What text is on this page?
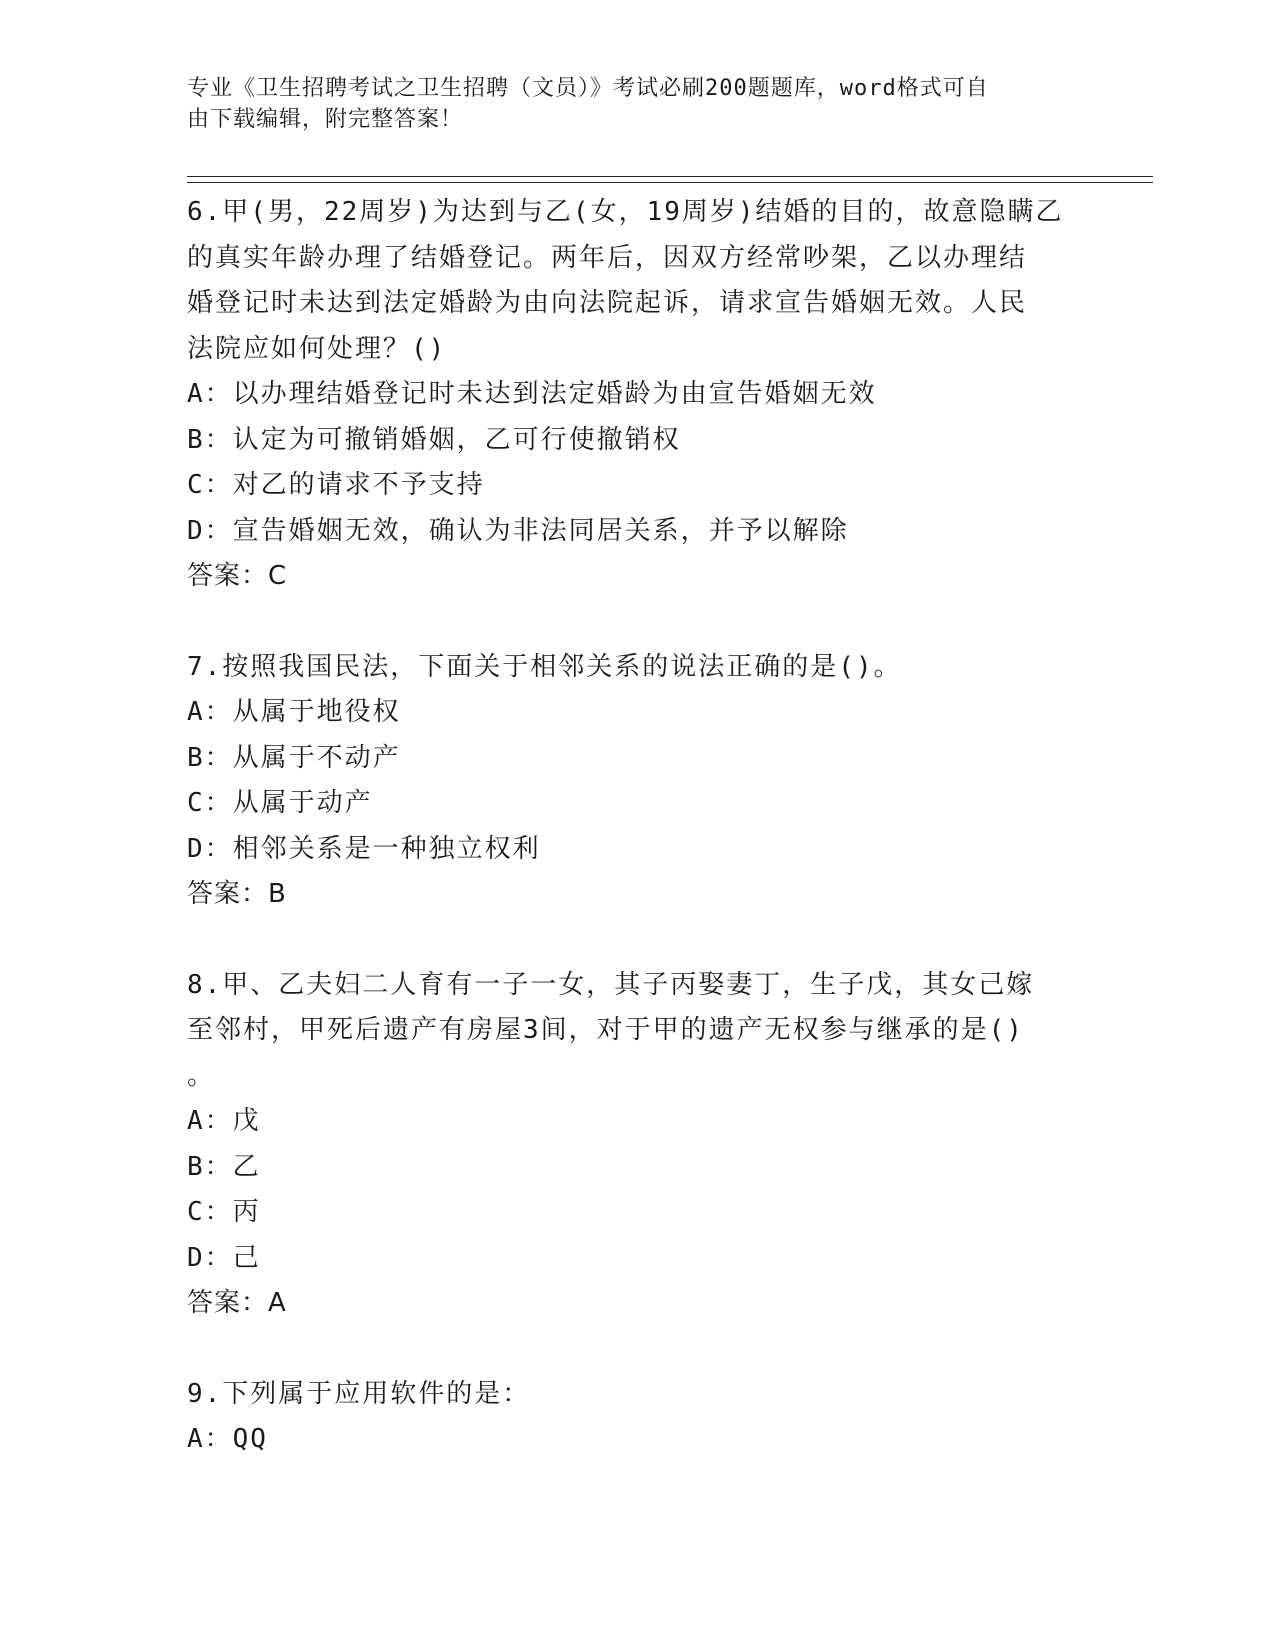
专业《卫生招聘考试之卫生招聘（文员）》考试必刷200题题库，word格式可自
由下载编辑，附完整答案！

6.甲(男，22周岁)为达到与乙(女，19周岁)结婚的目的，故意隐瞒乙

的真实年龄办理了结婚登记。两年后，因双方经常吵架，乙以办理结

婚登记时未达到法定婚龄为由向法院起诉，请求宣告婚姻无效。人民

法院应如何处理？()

A：以办理结婚登记时未达到法定婚龄为由宣告婚姻无效

B：认定为可撤销婚姻，乙可行使撤销权

C：对乙的请求不予支持

D：宣告婚姻无效，确认为非法同居关系，并予以解除

答案：C

7.按照我国民法，下面关于相邻关系的说法正确的是()。

A：从属于地役权

B：从属于不动产

C：从属于动产

D：相邻关系是一种独立权利

答案：B

8.甲、乙夫妇二人育有一子一女，其子丙娶妻丁，生子戊，其女己嫁

至邻村，甲死后遗产有房屋3间，对于甲的遗产无权参与继承的是()

。

A：戊

B：乙

C：丙

D：己

答案：A

9.下列属于应用软件的是：

A：QQ
